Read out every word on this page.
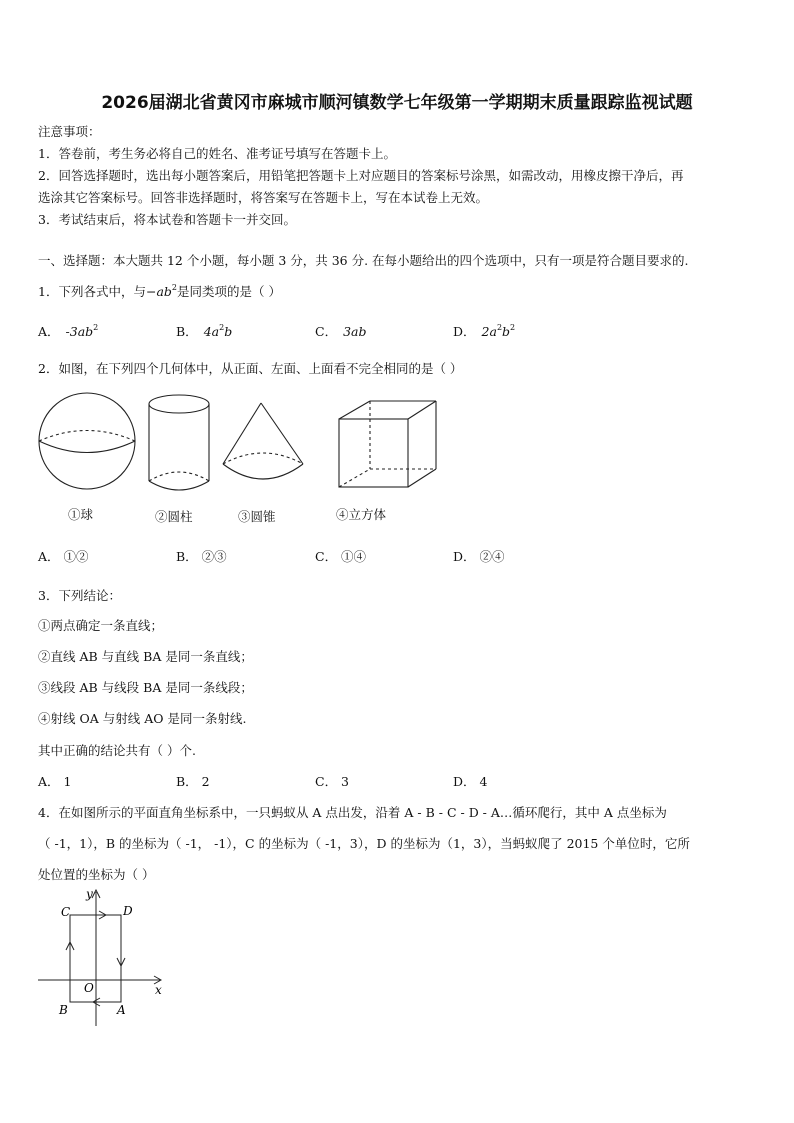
2026届湖北省黄冈市麻城市顺河镇数学七年级第一学期期末质量跟踪监视试题
注意事项：
1．答卷前，考生务必将自己的姓名、准考证号填写在答题卡上。
2．回答选择题时，选出每小题答案后，用铅笔把答题卡上对应题目的答案标号涂黑，如需改动，用橡皮擦干净后，再
选涂其它答案标号。回答非选择题时，将答案写在答题卡上，写在本试卷上无效。
3．考试结束后，将本试卷和答题卡一并交回。
一、选择题：本大题共 12 个小题，每小题 3 分，共 36 分. 在每小题给出的四个选项中，只有一项是符合题目要求的.
1．下列各式中，与$-ab^2$是同类项的是（ ）
A． $-3ab^2$	B． $4a^2b$	C． 3ab	D． $2a^2b^2$
2．如图，在下列四个几何体中，从正面、左面、上面看不完全相同的是（ ）
①球	②圆柱	③圆锥	④立方体
A． ①②	B． ②③	C． ①④	D． ②④
3．下列结论：
①两点确定一条直线；
②直线 AB 与直线 BA 是同一条直线；
③线段 AB 与线段 BA 是同一条线段；
④射线 OA 与射线 AO 是同一条射线.
其中正确的结论共有（ ）个.
A． 1	B． 2	C． 3	D． 4
4．在如图所示的平面直角坐标系中，一只蚂蚁从 A 点出发，沿着 A - B - C - D - A…循环爬行，其中 A 点坐标为
（ -1，1），B 的坐标为（ -1， -1），C 的坐标为（ -1，3），D 的坐标为（1，3），当蚂蚁爬了 2015 个单位时，它所
处位置的坐标为（ ）
C	D
O
B	A
x
y
